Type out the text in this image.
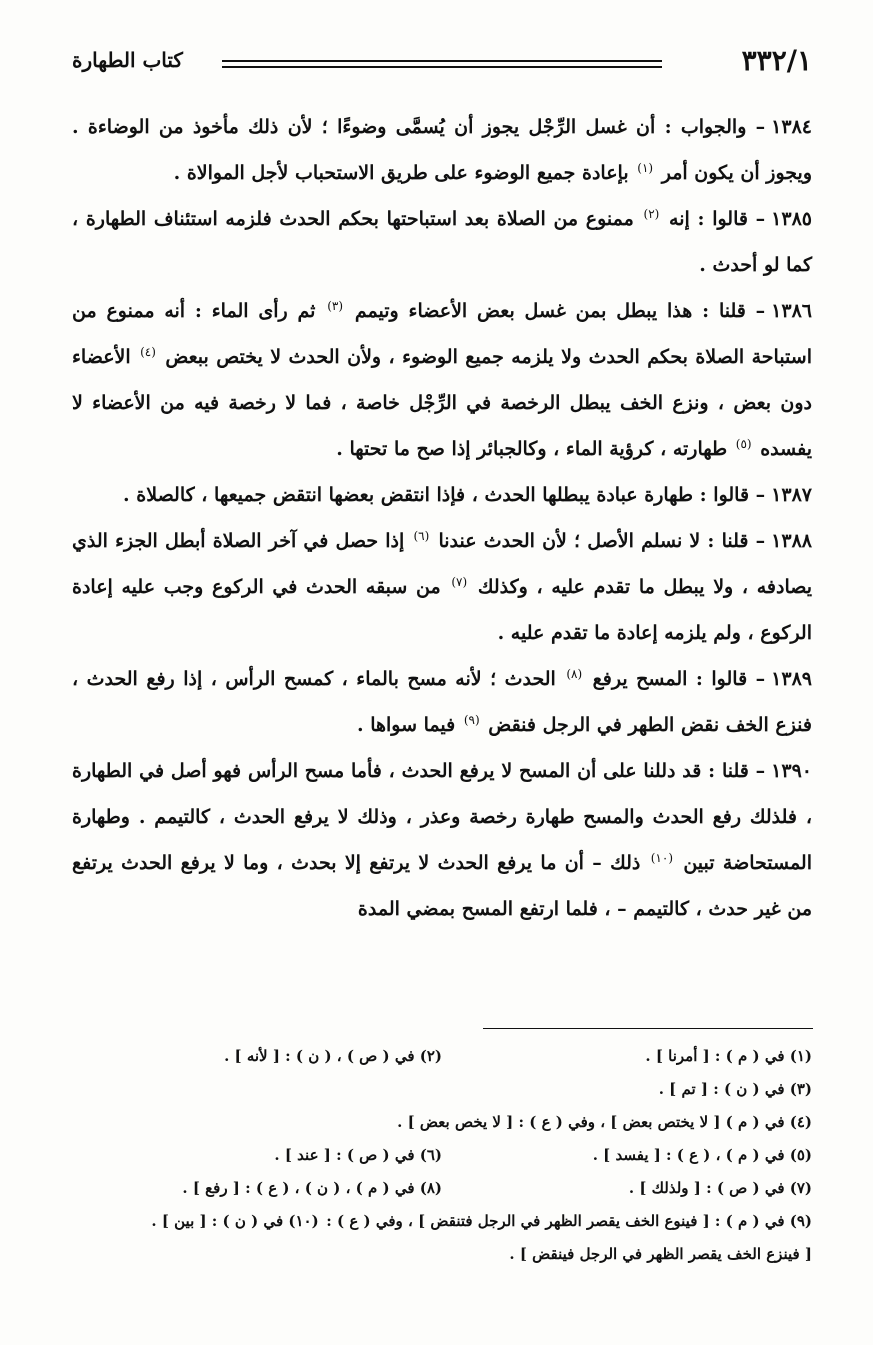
٣٣٢/١
كتاب الطهارة

١٣٨٤– والجواب : أن غسل الرِّجْل يجوز أن يُسمَّى وضوءًا ؛ لأن ذلك مأخوذ من الوضاءة . ويجوز أن يكون أمر $^{(١)}$ بإعادة جميع الوضوء على طريق الاستحباب لأجل الموالاة .

١٣٨٥– قالوا : إنه $^{(٢)}$ ممنوع من الصلاة بعد استباحتها بحكم الحدث فلزمه استئناف الطهارة ، كما لو أحدث .

١٣٨٦– قلنا : هذا يبطل بمن غسل بعض الأعضاء وتيمم $^{(٣)}$ ثم رأى الماء : أنه ممنوع من استباحة الصلاة بحكم الحدث ولا يلزمه جميع الوضوء ، ولأن الحدث لا يختص ببعض $^{(٤)}$ الأعضاء دون بعض ، ونزع الخف يبطل الرخصة في الرِّجْل خاصة ، فما لا رخصة فيه من الأعضاء لا يفسده $^{(٥)}$ طهارته ، كرؤية الماء ، وكالجبائر إذا صح ما تحتها .

١٣٨٧– قالوا : طهارة عبادة يبطلها الحدث ، فإذا انتقض بعضها انتقض جميعها ، كالصلاة .

١٣٨٨– قلنا : لا نسلم الأصل ؛ لأن الحدث عندنا $^{(٦)}$ إذا حصل في آخر الصلاة أبطل الجزء الذي يصادفه ، ولا يبطل ما تقدم عليه ، وكذلك $^{(٧)}$ من سبقه الحدث في الركوع وجب عليه إعادة الركوع ، ولم يلزمه إعادة ما تقدم عليه .

١٣٨٩– قالوا : المسح يرفع $^{(٨)}$ الحدث ؛ لأنه مسح بالماء ، كمسح الرأس ، إذا رفع الحدث ، فنزع الخف نقض الطهر في الرجل فنقض $^{(٩)}$ فيما سواها .

١٣٩٠– قلنا : قد دللنا على أن المسح لا يرفع الحدث ، فأما مسح الرأس فهو أصل في الطهارة ، فلذلك رفع الحدث والمسح طهارة رخصة وعذر ، وذلك لا يرفع الحدث ، كالتيمم . وطهارة المستحاضة تبين $^{(١٠)}$ ذلك – أن ما يرفع الحدث لا يرتفع إلا بحدث ، وما لا يرفع الحدث يرتفع من غير حدث ، كالتيمم – ، فلما ارتفع المسح بمضي المدة

(١) في ( م ) : [ أمرنا ] .
(٢) في ( ص ) ، ( ن ) : [ لأنه ] .
(٣) في ( ن ) : [ تم ] .
(٤) في ( م ) [ لا يختص بعض ] ، وفي ( ع ) : [ لا يخص بعض ] .
(٥) في ( م ) ، ( ع ) : [ يفسد ] .
(٦) في ( ص ) : [ عند ] .
(٧) في ( ص ) : [ ولذلك ] .
(٨) في ( م ) ، ( ن ) ، ( ع ) : [ رفع ] .
(٩) في ( م ) : [ فينوع الخف يقصر الظهر في الرجل فتنقض ] ، وفي ( ع ) : [ فينزع الخف يقصر الظهر في الرجل فينقض ] .
(١٠) في ( ن ) : [ بين ] .
